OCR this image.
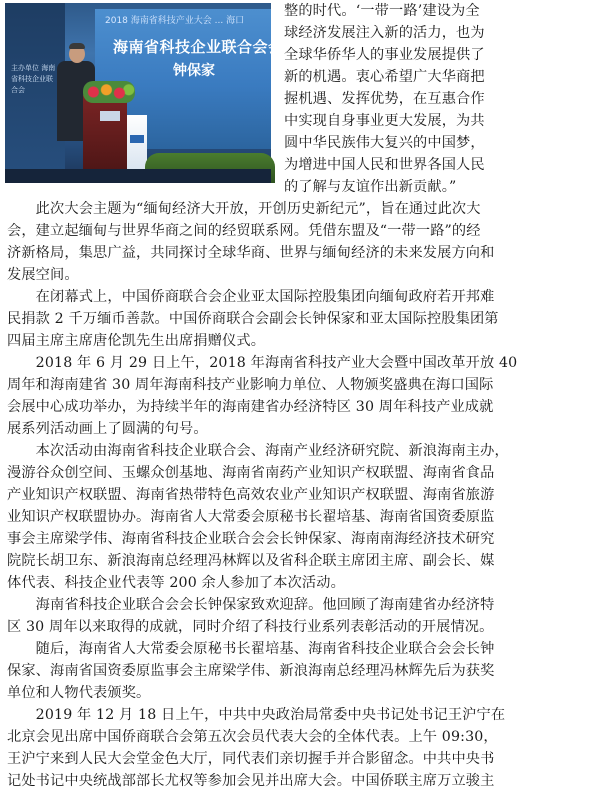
主办单位 海南省科技企业联合会
2018 海南省科技产业大会 ... 海口
海南省科技企业联合会会长
钟保家
整的时代。‘一带一路’建设为全
球经济发展注入新的活力，也为
全球华侨华人的事业发展提供了
新的机遇。衷心希望广大华商把
握机遇、发挥优势，在互惠合作
中实现自身事业更大发展，为共
圆中华民族伟大复兴的中国梦，
为增进中国人民和世界各国人民
的了解与友谊作出新贡献。”
　　此次大会主题为“缅甸经济大开放，开创历史新纪元”，旨在通过此次大
会，建立起缅甸与世界华商之间的经贸联系网。凭借东盟及“一带一路”的经
济新格局，集思广益，共同探讨全球华商、世界与缅甸经济的未来发展方向和
发展空间。
　　在闭幕式上，中国侨商联合会企业亚太国际控股集团向缅甸政府若开邦难
民捐款 2 千万缅币善款。中国侨商联合会副会长钟保家和亚太国际控股集团第
四届主席主席唐伦凯先生出席捐赠仪式。
　　2018 年 6 月 29 日上午，2018 年海南省科技产业大会暨中国改革开放 40
周年和海南建省 30 周年海南科技产业影响力单位、人物颁奖盛典在海口国际
会展中心成功举办，为持续半年的海南建省办经济特区 30 周年科技产业成就
展系列活动画上了圆满的句号。
　　本次活动由海南省科技企业联合会、海南产业经济研究院、新浪海南主办，
漫游谷众创空间、玉螺众创基地、海南省南药产业知识产权联盟、海南省食品
产业知识产权联盟、海南省热带特色高效农业产业知识产权联盟、海南省旅游
业知识产权联盟协办。海南省人大常委会原秘书长翟培基、海南省国资委原监
事会主席梁学伟、海南省科技企业联合会会长钟保家、海南南海经济技术研究
院院长胡卫东、新浪海南总经理冯林辉以及省科企联主席团主席、副会长、媒
体代表、科技企业代表等 200 余人参加了本次活动。
　　海南省科技企业联合会会长钟保家致欢迎辞。他回顾了海南建省办经济特
区 30 周年以来取得的成就，同时介绍了科技行业系列表彰活动的开展情况。
　　随后，海南省人大常委会原秘书长翟培基、海南省科技企业联合会会长钟
保家、海南省国资委原监事会主席梁学伟、新浪海南总经理冯林辉先后为获奖
单位和人物代表颁奖。
　　2019 年 12 月 18 日上午，中共中央政治局常委中央书记处书记王沪宁在
北京会见出席中国侨商联合会第五次会员代表大会的全体代表。上午 09:30，
王沪宁来到人民大会堂金色大厅，同代表们亲切握手并合影留念。中共中央书
记处书记中央统战部部长尤权等参加会见并出席大会。中国侨联主席万立骏主
